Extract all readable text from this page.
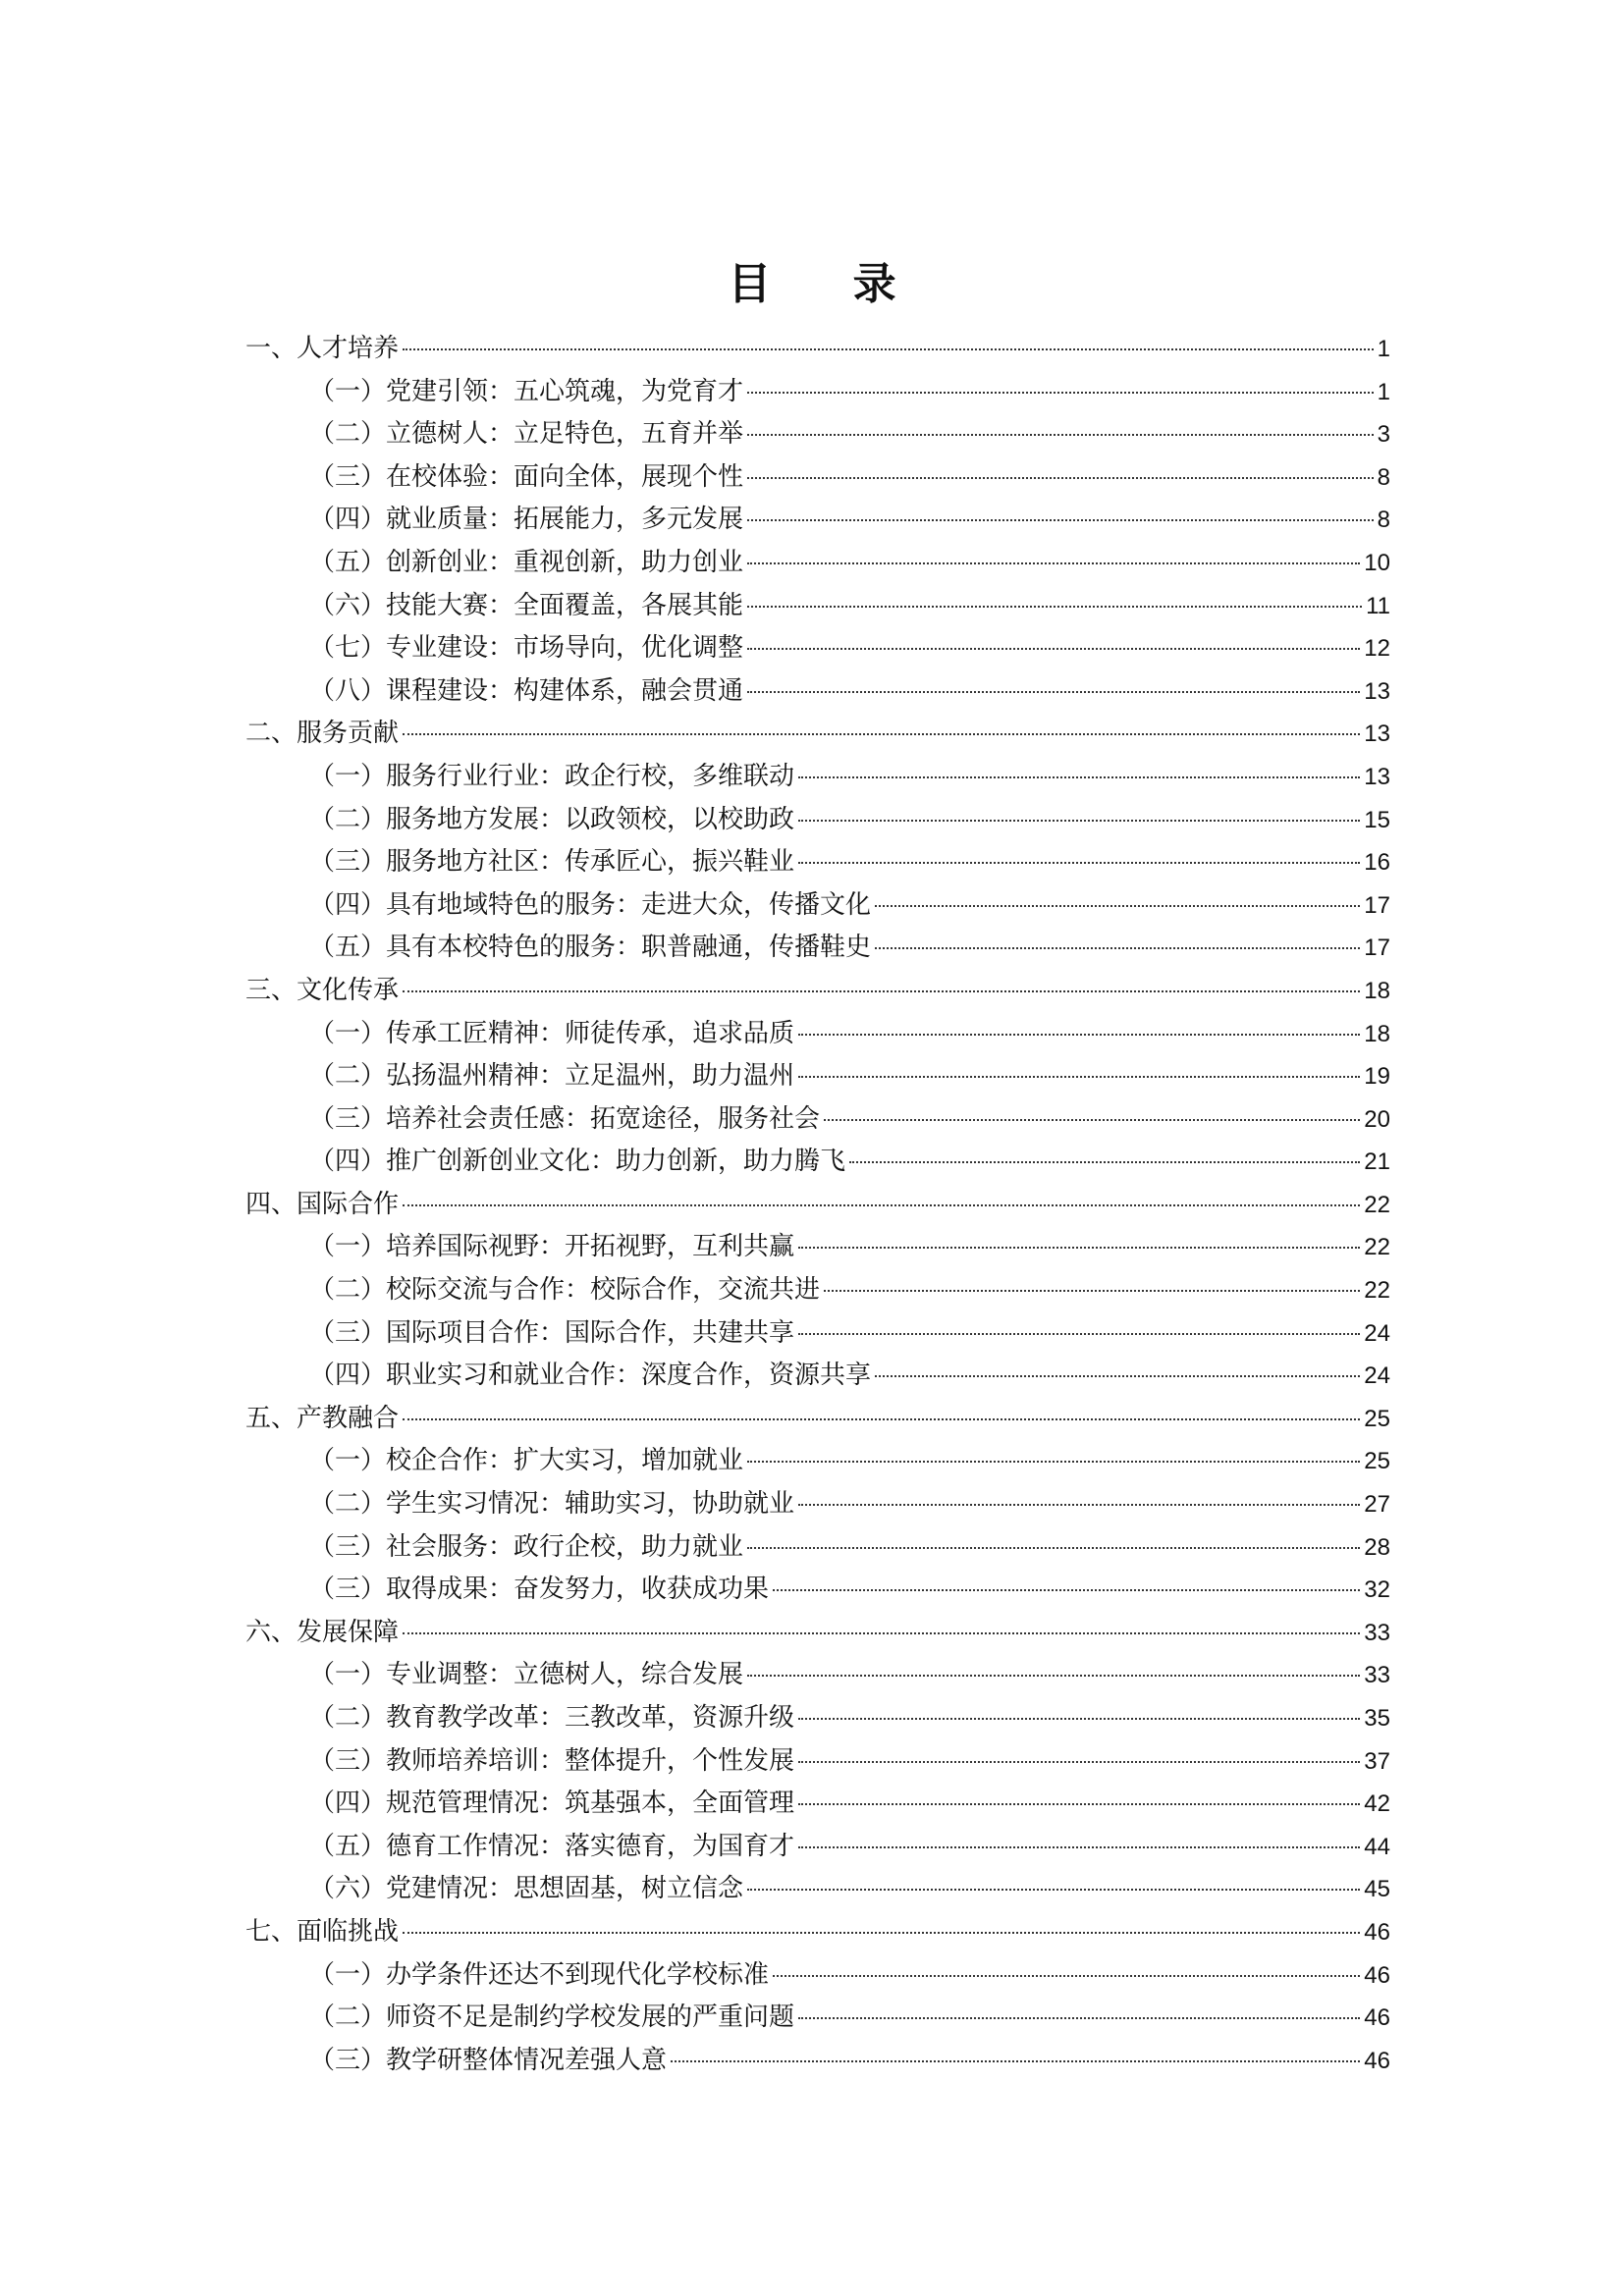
目 录
一、人才培养	1
（一）党建引领：五心筑魂，为党育才	1
（二）立德树人：立足特色，五育并举	3
（三）在校体验：面向全体，展现个性	8
（四）就业质量：拓展能力，多元发展	8
（五）创新创业：重视创新，助力创业	10
（六）技能大赛：全面覆盖，各展其能	11
（七）专业建设：市场导向，优化调整	12
（八）课程建设：构建体系，融会贯通	13
二、服务贡献	13
（一）服务行业行业：政企行校，多维联动	13
（二）服务地方发展：以政领校，以校助政	15
（三）服务地方社区：传承匠心，振兴鞋业	16
（四）具有地域特色的服务：走进大众，传播文化	17
（五）具有本校特色的服务：职普融通，传播鞋史	17
三、文化传承	18
（一）传承工匠精神：师徒传承，追求品质	18
（二）弘扬温州精神：立足温州，助力温州	19
（三）培养社会责任感：拓宽途径，服务社会	20
（四）推广创新创业文化：助力创新，助力腾飞	21
四、国际合作	22
（一）培养国际视野：开拓视野，互利共赢	22
（二）校际交流与合作：校际合作，交流共进	22
（三）国际项目合作：国际合作，共建共享	24
（四）职业实习和就业合作：深度合作，资源共享	24
五、产教融合	25
（一）校企合作：扩大实习，增加就业	25
（二）学生实习情况：辅助实习，协助就业	27
（三）社会服务：政行企校，助力就业	28
（三）取得成果：奋发努力，收获成功果	32
六、发展保障	33
（一）专业调整：立德树人，综合发展	33
（二）教育教学改革：三教改革，资源升级	35
（三）教师培养培训：整体提升，个性发展	37
（四）规范管理情况：筑基强本，全面管理	42
（五）德育工作情况：落实德育，为国育才	44
（六）党建情况：思想固基，树立信念	45
七、面临挑战	46
（一）办学条件还达不到现代化学校标准	46
（二）师资不足是制约学校发展的严重问题	46
（三）教学研整体情况差强人意	46
